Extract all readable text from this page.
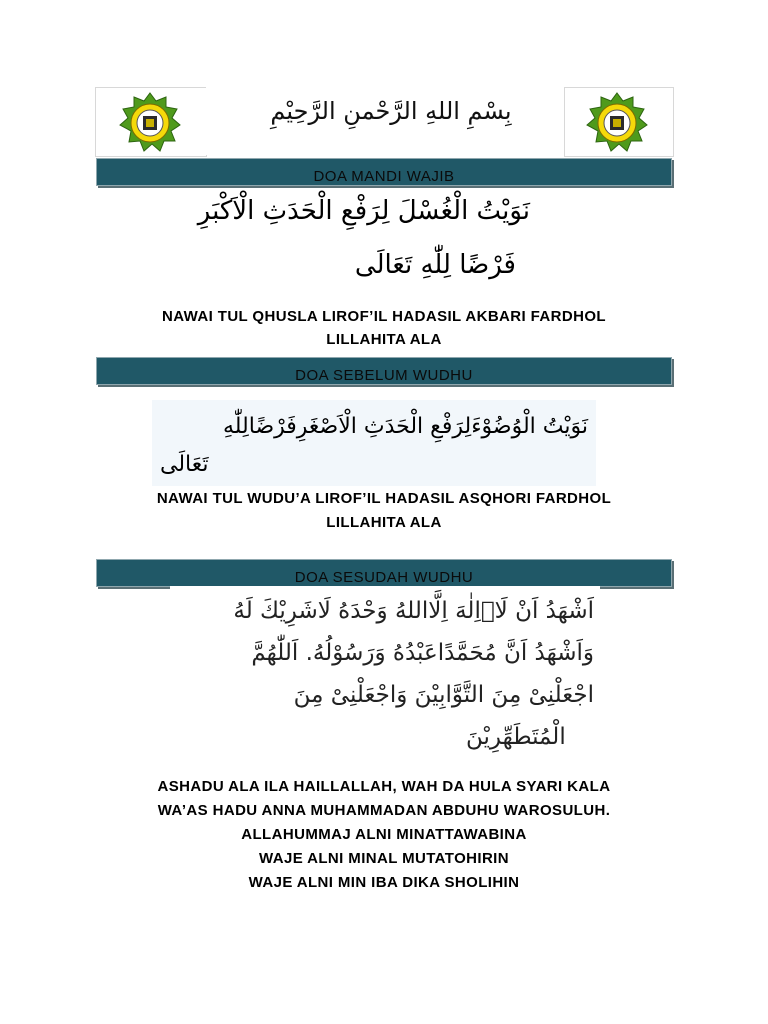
بِسْمِ اللهِ الرَّحْمنِ الرَّحِيْمِ
DOA MANDI WAJIB
نَوَيْتُ الْغُسْلَ لِرَفْعِ الْحَدَثِ الْاَكْبَرِ
فَرْضًا لِلّٰهِ تَعَالَى
NAWAI TUL QHUSLA LIROF’IL HADASIL AKBARI FARDHOL
LILLAHITA ALA
DOA SEBELUM WUDHU
نَوَيْتُ الْوُضُوْءَلِرَفْعِ الْحَدَثِ الْاَصْغَرِفَرْضًالِلّٰهِ
تَعَالَى
NAWAI TUL WUDU’A LIROF’IL HADASIL ASQHORI FARDHOL
LILLAHITA ALA
DOA SESUDAH WUDHU
اَشْهَدُ اَنْ لَاۤاِلٰهَ اِلَّااللهُ وَحْدَهُ لَاشَرِيْكَ لَهُ
وَاَشْهَدُ اَنَّ مُحَمَّدًاعَبْدُهُ وَرَسُوْلُهُ. اَللّٰهُمَّ
اجْعَلْنِىْ مِنَ التَّوَّابِيْنَ وَاجْعَلْنِىْ مِنَ
الْمُتَطَهِّرِيْنَ
ASHADU ALA ILA HAILLALLAH, WAH DA HULA SYARI KALA
WA’AS HADU ANNA MUHAMMADAN ABDUHU WAROSULUH.
ALLAHUMMAJ ALNI MINATTAWABINA
WAJE ALNI MINAL MUTATOHIRIN
WAJE ALNI MIN IBA DIKA SHOLIHIN
